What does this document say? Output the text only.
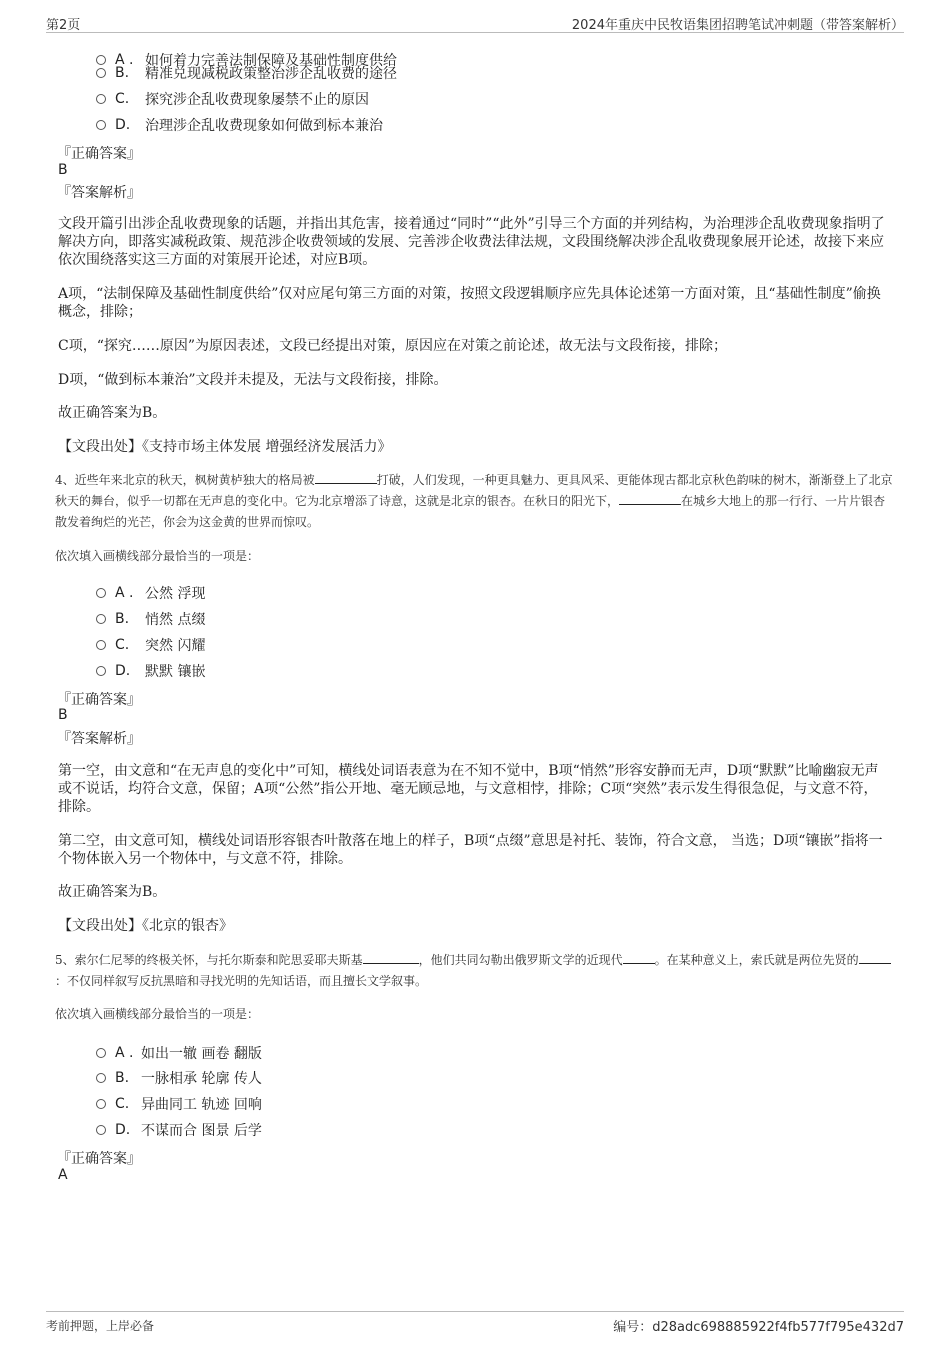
第2页	2024年重庆中民牧语集团招聘笔试冲刺题（带答案解析）
A . 如何着力完善法制保障及基础性制度供给
B.	精准兑现减税政策整治涉企乱收费的途径
C.	探究涉企乱收费现象屡禁不止的原因
D.	治理涉企乱收费现象如何做到标本兼治
『正确答案』
B
『答案解析』
文段开篇引出涉企乱收费现象的话题，并指出其危害，接着通过“同时”“此外”引导三个方面的并列结构，为治理涉企乱收费现象指明了解决方向，即落实减税政策、规范涉企收费领域的发展、完善涉企收费法律法规，文段围绕解决涉企乱收费现象展开论述，故接下来应依次围绕落实这三方面的对策展开论述，对应B项。
A项，“法制保障及基础性制度供给”仅对应尾句第三方面的对策，按照文段逻辑顺序应先具体论述第一方面对策，且“基础性制度”偷换概念，排除；
C项，“探究……原因”为原因表述，文段已经提出对策，原因应在对策之前论述，故无法与文段衔接，排除；
D项，“做到标本兼治”文段并未提及，无法与文段衔接，排除。
故正确答案为B。
【文段出处】《支持市场主体发展 增强经济发展活力》
4、近些年来北京的秋天，枫树黄栌独大的格局被	打破，人们发现，一种更具魅力、更具风采、更能体现古都北京秋色韵味的树木，渐渐登上了北京秋天的舞台，似乎一切都在无声息的变化中。它为北京增添了诗意，这就是北京的银杏。在秋日的阳光下，	在城乡大地上的那一行行、一片片银杏散发着绚烂的光芒，你会为这金黄的世界而惊叹。
依次填入画横线部分最恰当的一项是：
A . 公然 浮现
B.	悄然 点缀
C.	突然 闪耀
D.	默默 镶嵌
『正确答案』
B
『答案解析』
第一空，由文意和“在无声息的变化中”可知，横线处词语表意为在不知不觉中，B项“悄然”形容安静而无声，D项“默默”比喻幽寂无声或不说话，均符合文意，保留；A项“公然”指公开地、毫无顾忌地，与文意相悖，排除；C项“突然”表示发生得很急促，与文意不符，排除。
第二空，由文意可知，横线处词语形容银杏叶散落在地上的样子，B项“点缀”意思是衬托、装饰，符合文意， 当选；D项“镶嵌”指将一个物体嵌入另一个物体中，与文意不符，排除。
故正确答案为B。
【文段出处】《北京的银杏》
5、索尔仁尼琴的终极关怀，与托尔斯泰和陀思妥耶夫斯基	，他们共同勾勒出俄罗斯文学的近现代	。在某种意义上，索氏就是两位先贤的：不仅同样叙写反抗黑暗和寻找光明的先知话语，而且擅长文学叙事。
依次填入画横线部分最恰当的一项是：
A . 如出一辙 画卷 翻版
B. 一脉相承 轮廓 传人
C. 异曲同工 轨迹 回响
D. 不谋而合 图景 后学
『正确答案』
A
考前押题，上岸必备	编号：d28adc698885922f4fb577f795e432d7
